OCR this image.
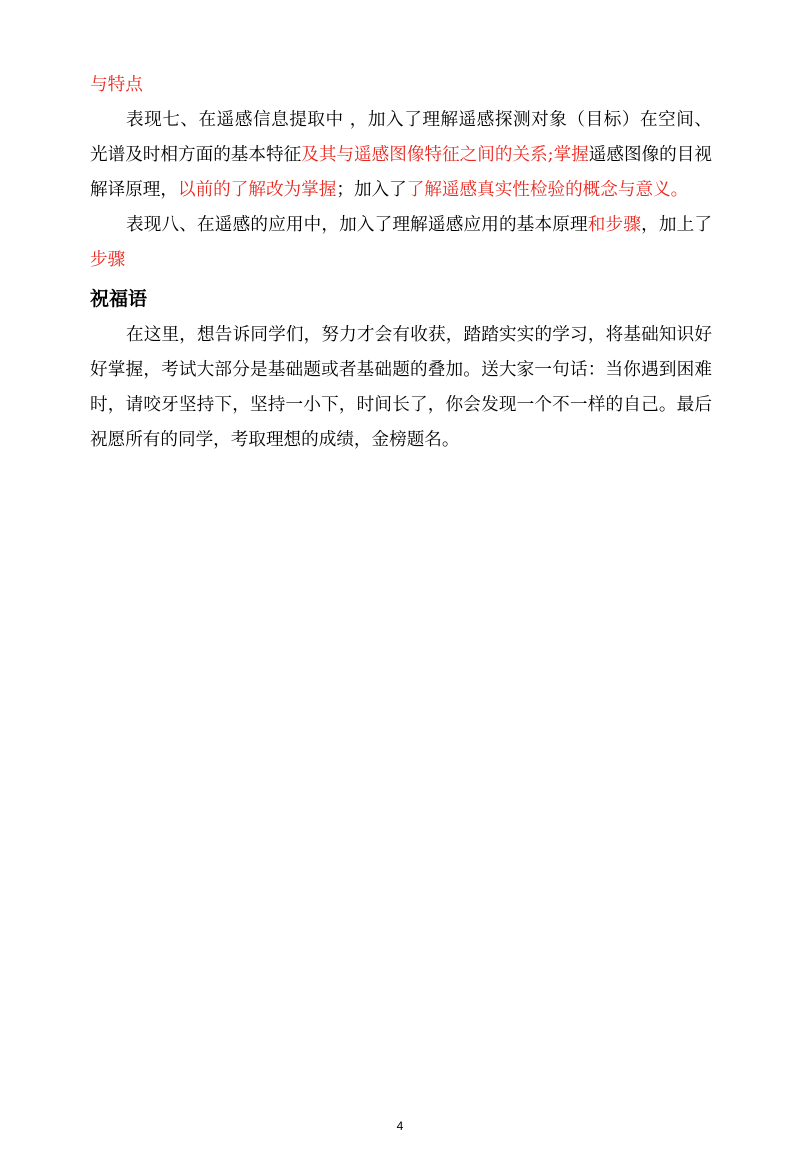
与特点

表现七、在遥感信息提取中 ，加入了理解遥感探测对象（目标）在空间、光谱及时相方面的基本特征及其与遥感图像特征之间的关系;掌握遥感图像的目视解译原理，以前的了解改为掌握；加入了了解遥感真实性检验的概念与意义。

表现八、在遥感的应用中，加入了理解遥感应用的基本原理和步骤，加上了步骤

祝福语

在这里，想告诉同学们，努力才会有收获，踏踏实实的学习，将基础知识好好掌握，考试大部分是基础题或者基础题的叠加。送大家一句话：当你遇到困难时，请咬牙坚持下，坚持一小下，时间长了，你会发现一个不一样的自己。最后祝愿所有的同学，考取理想的成绩，金榜题名。

4
